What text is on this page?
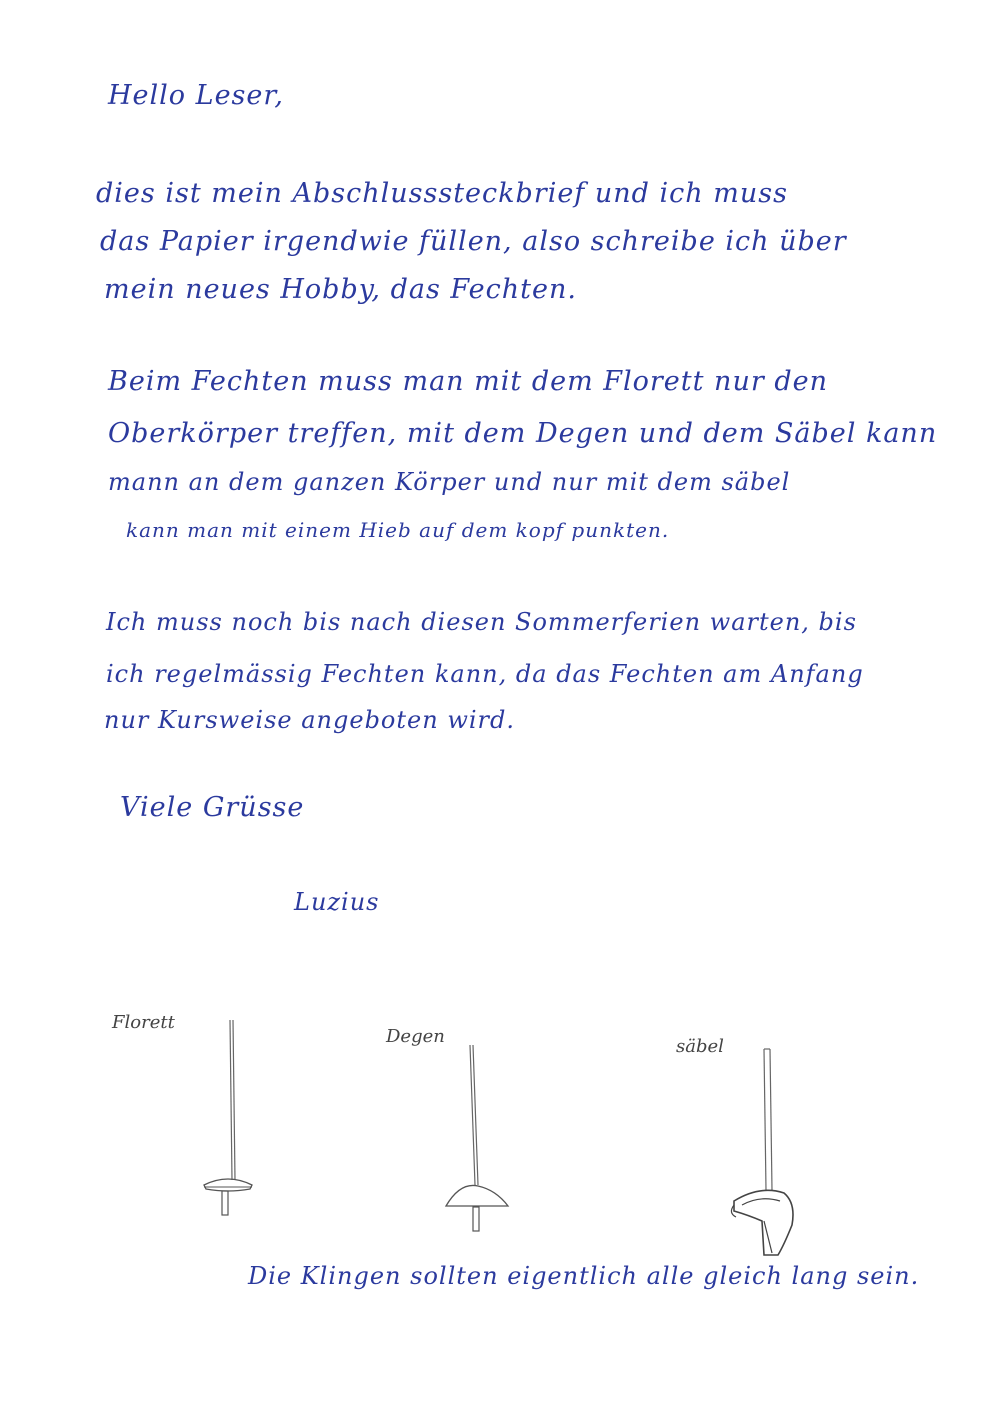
Hello Leser,

dies ist mein Abschlusssteckbrief und ich muss

das Papier irgendwie füllen, also schreibe ich über

mein neues Hobby, das Fechten.

Beim Fechten muss man mit dem Florett nur den

Oberkörper treffen, mit dem Degen und dem Säbel kann

mann an dem ganzen Körper und nur mit dem säbel

kann man mit einem Hieb auf dem kopf punkten.

Ich muss noch bis nach diesen Sommerferien warten, bis

ich regelmässig Fechten kann, da das Fechten am Anfang

nur Kursweise angeboten wird.

Viele Grüsse

Luzius

Florett

Degen	säbel

Die Klingen sollten eigentlich alle gleich lang sein.
